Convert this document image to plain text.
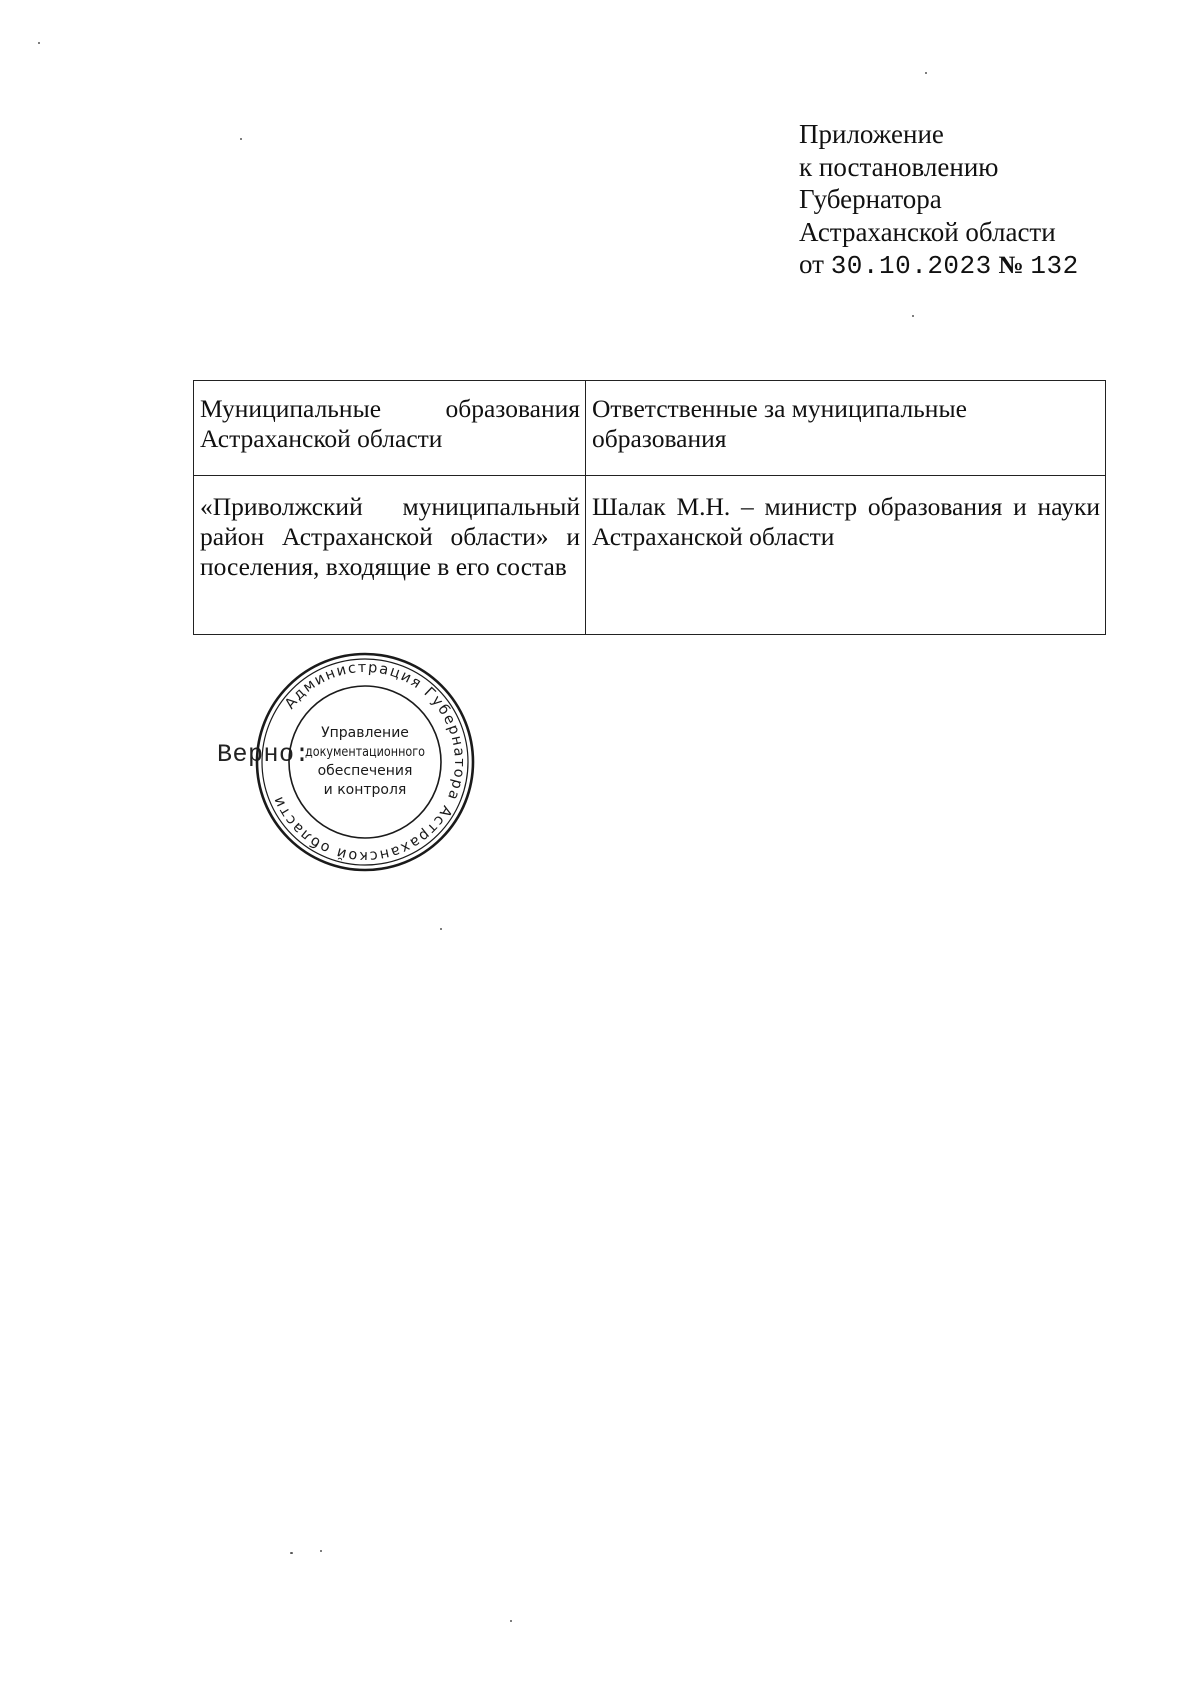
Приложение
к постановлению
Губернатора
Астраханской области
от 30.10.2023 № 132
Муниципальные образования Астраханской области	Ответственные за муниципальные образования
«Приволжский муниципальный район Астраханской области» и поселения, входящие в его состав	Шалак М.Н. – министр образования и науки Астраханской области
Верно:
Администрация Губернатора Астраханской области
Управление
документационного
обеспечения
и контроля
